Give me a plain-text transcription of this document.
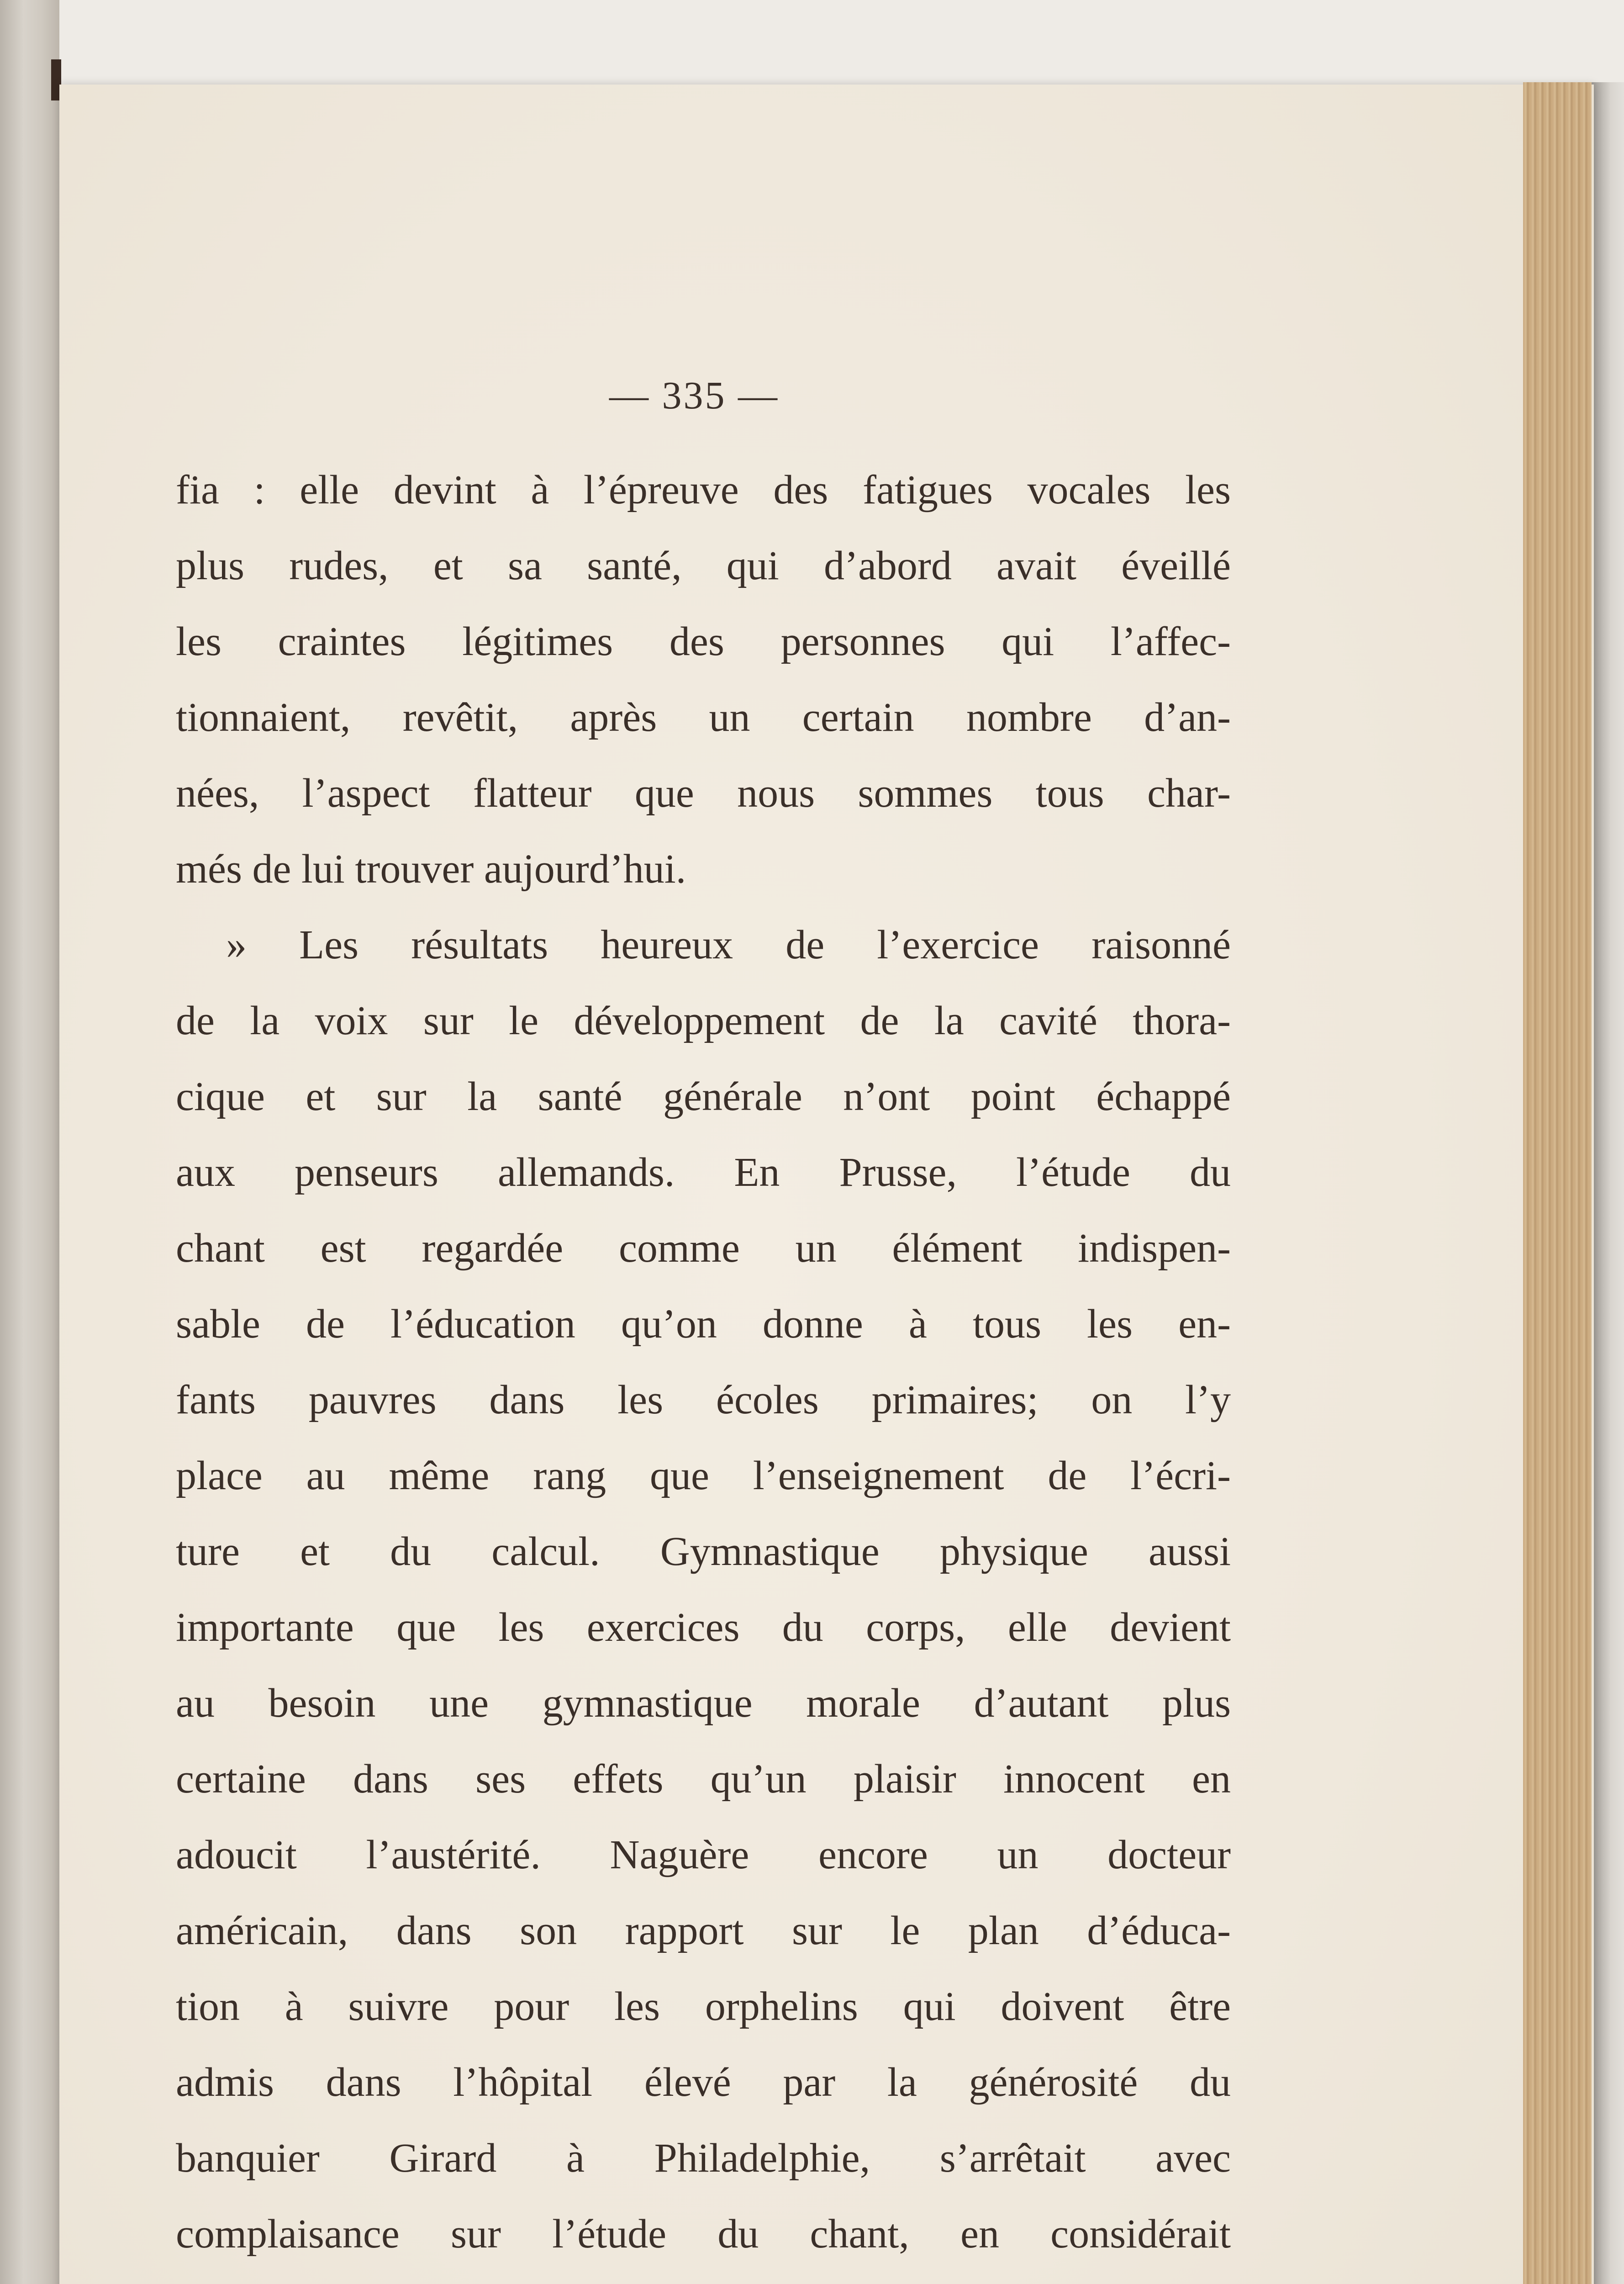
— 335 —
fia : elle devint à l’épreuve des fatigues vocales les
plus rudes, et sa santé, qui d’abord avait éveillé
les craintes légitimes des personnes qui l’affec-
tionnaient, revêtit, après un certain nombre d’an-
nées, l’aspect flatteur que nous sommes tous char-
més de lui trouver aujourd’hui.
» Les résultats heureux de l’exercice raisonné
de la voix sur le développement de la cavité thora-
cique et sur la santé générale n’ont point échappé
aux penseurs allemands. En Prusse, l’étude du
chant est regardée comme un élément indispen-
sable de l’éducation qu’on donne à tous les en-
fants pauvres dans les écoles primaires; on l’y
place au même rang que l’enseignement de l’écri-
ture et du calcul. Gymnastique physique aussi
importante que les exercices du corps, elle devient
au besoin une gymnastique morale d’autant plus
certaine dans ses effets qu’un plaisir innocent en
adoucit l’austérité. Naguère encore un docteur
américain, dans son rapport sur le plan d’éduca-
tion à suivre pour les orphelins qui doivent être
admis dans l’hôpital élevé par la générosité du
banquier Girard à Philadelphie, s’arrêtait avec
complaisance sur l’étude du chant, en considérait
